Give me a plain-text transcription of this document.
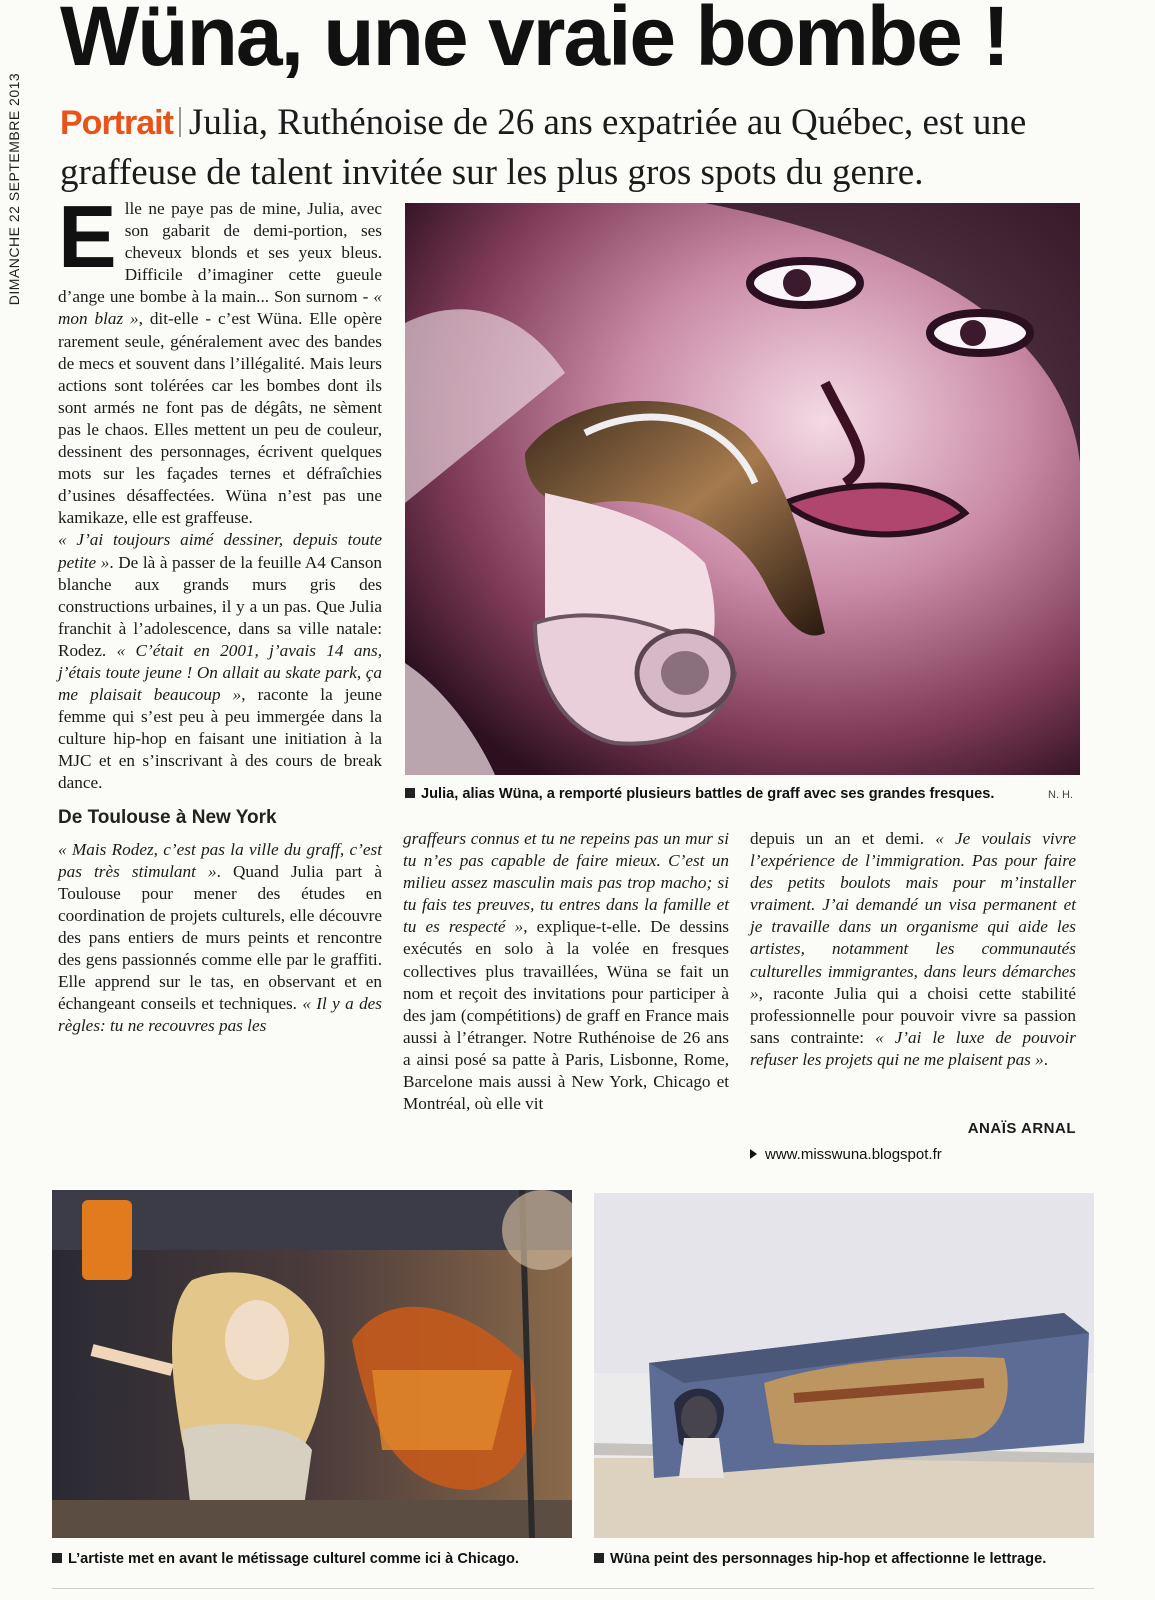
DIMANCHE 22 SEPTEMBRE 2013
Wüna, une vraie bombe !
Portrait Julia, Ruthénoise de 26 ans expatriée au Québec, est une graffeuse de talent invitée sur les plus gros spots du genre.

Elle ne paye pas de mine, Julia, avec son gabarit de demi-portion, ses cheveux blonds et ses yeux bleus. Difficile d’imaginer cette gueule d’ange une bombe à la main... Son surnom - « mon blaz », dit-elle - c’est Wüna. Elle opère rarement seule, généralement avec des bandes de mecs et souvent dans l’illégalité. Mais leurs actions sont tolérées car les bombes dont ils sont armés ne font pas de dégâts, ne sèment pas le chaos. Elles mettent un peu de couleur, dessinent des personnages, écrivent quelques mots sur les façades ternes et défraîchies d’usines désaffectées. Wüna n’est pas une kamikaze, elle est graffeuse.

« J’ai toujours aimé dessiner, depuis toute petite ». De là à passer de la feuille A4 Canson blanche aux grands murs gris des constructions urbaines, il y a un pas. Que Julia franchit à l’adolescence, dans sa ville natale: Rodez. « C’était en 2001, j’avais 14 ans, j’étais toute jeune ! On allait au skate park, ça me plaisait beaucoup », raconte la jeune femme qui s’est peu à peu immergée dans la culture hip-hop en faisant une initiation à la MJC et en s’inscrivant à des cours de break dance.

De Toulouse à New York

« Mais Rodez, c’est pas la ville du graff, c’est pas très stimulant ». Quand Julia part à Toulouse pour mener des études en coordination de projets culturels, elle découvre des pans entiers de murs peints et rencontre des gens passionnés comme elle par le graffiti. Elle apprend sur le tas, en observant et en échangeant conseils et techniques. « Il y a des règles: tu ne recouvres pas les

Julia, alias Wüna, a remporté plusieurs battles de graff avec ses grandes fresques.	N. H.

graffeurs connus et tu ne repeins pas un mur si tu n’es pas capable de faire mieux. C’est un milieu assez masculin mais pas trop macho; si tu fais tes preuves, tu entres dans la famille et tu es respecté », explique-t-elle. De dessins exécutés en solo à la volée en fresques collectives plus travaillées, Wüna se fait un nom et reçoit des invitations pour participer à des jam (compétitions) de graff en France mais aussi à l’étranger. Notre Ruthénoise de 26 ans a ainsi posé sa patte à Paris, Lisbonne, Rome, Barcelone mais aussi à New York, Chicago et Montréal, où elle vit

depuis un an et demi. « Je voulais vivre l’expérience de l’immigration. Pas pour faire des petits boulots mais pour m’installer vraiment. J’ai demandé un visa permanent et je travaille dans un organisme qui aide les artistes, notamment les communautés culturelles immigrantes, dans leurs démarches », raconte Julia qui a choisi cette stabilité professionnelle pour pouvoir vivre sa passion sans contrainte: « J’ai le luxe de pouvoir refuser les projets qui ne me plaisent pas ».

ANAÏS ARNAL
www.misswuna.blogspot.fr
L’artiste met en avant le métissage culturel comme ici à Chicago.	Wüna peint des personnages hip-hop et affectionne le lettrage.
